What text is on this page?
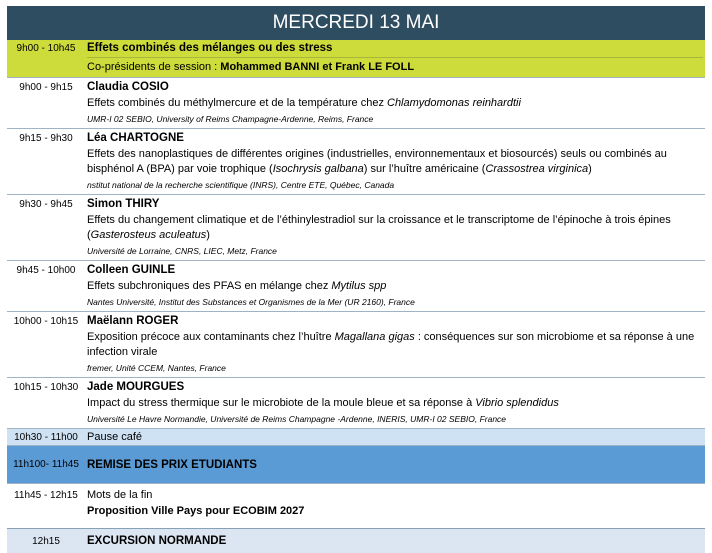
MERCREDI 13 MAI
9h00 - 10h45	Effets combinés des mélanges ou des stress
Co-présidents de session : Mohammed BANNI et Frank LE FOLL
9h00 - 9h15	Claudia COSIO
Effets combinés du méthylmercure et de la température chez Chlamydomonas reinhardtii
UMR-I 02 SEBIO, University of Reims Champagne-Ardenne, Reims, France
9h15 - 9h30	Léa CHARTOGNE
Effets des nanoplastiques de différentes origines (industrielles, environnementaux et biosourcés) seuls ou combinés au bisphénol A (BPA) par voie trophique (Isochrysis galbana) sur l’huître américaine (Crassostrea virginica)
nstitut national de la recherche scientifique (INRS), Centre ETE, Québec, Canada
9h30 - 9h45	Simon THIRY
Effets du changement climatique et de l’éthinylestradiol sur la croissance et le transcriptome de l’épinoche à trois épines (Gasterosteus aculeatus)
Université de Lorraine, CNRS, LIEC, Metz, France
9h45 - 10h00	Colleen GUINLE
Effets subchroniques des PFAS en mélange chez Mytilus spp
Nantes Université, Institut des Substances et Organismes de la Mer (UR 2160), France
10h00 - 10h15 Maëlann ROGER
Exposition précoce aux contaminants chez l’huître Magallana gigas : conséquences sur son microbiome et sa réponse à une infection virale
fremer, Unité CCEM, Nantes, France
10h15 - 10h30 Jade MOURGUES
Impact du stress thermique sur le microbiote de la moule bleue et sa réponse à Vibrio splendidus
Université Le Havre Normandie, Université de Reims Champagne -Ardenne, INERIS, UMR-I 02 SEBIO, France
10h30 - 11h00 Pause café
11h100- 11h45 REMISE DES PRIX ETUDIANTS
11h45 - 12h15 Mots de la fin
Proposition Ville Pays pour ECOBIM 2027
12h15	EXCURSION NORMANDE
